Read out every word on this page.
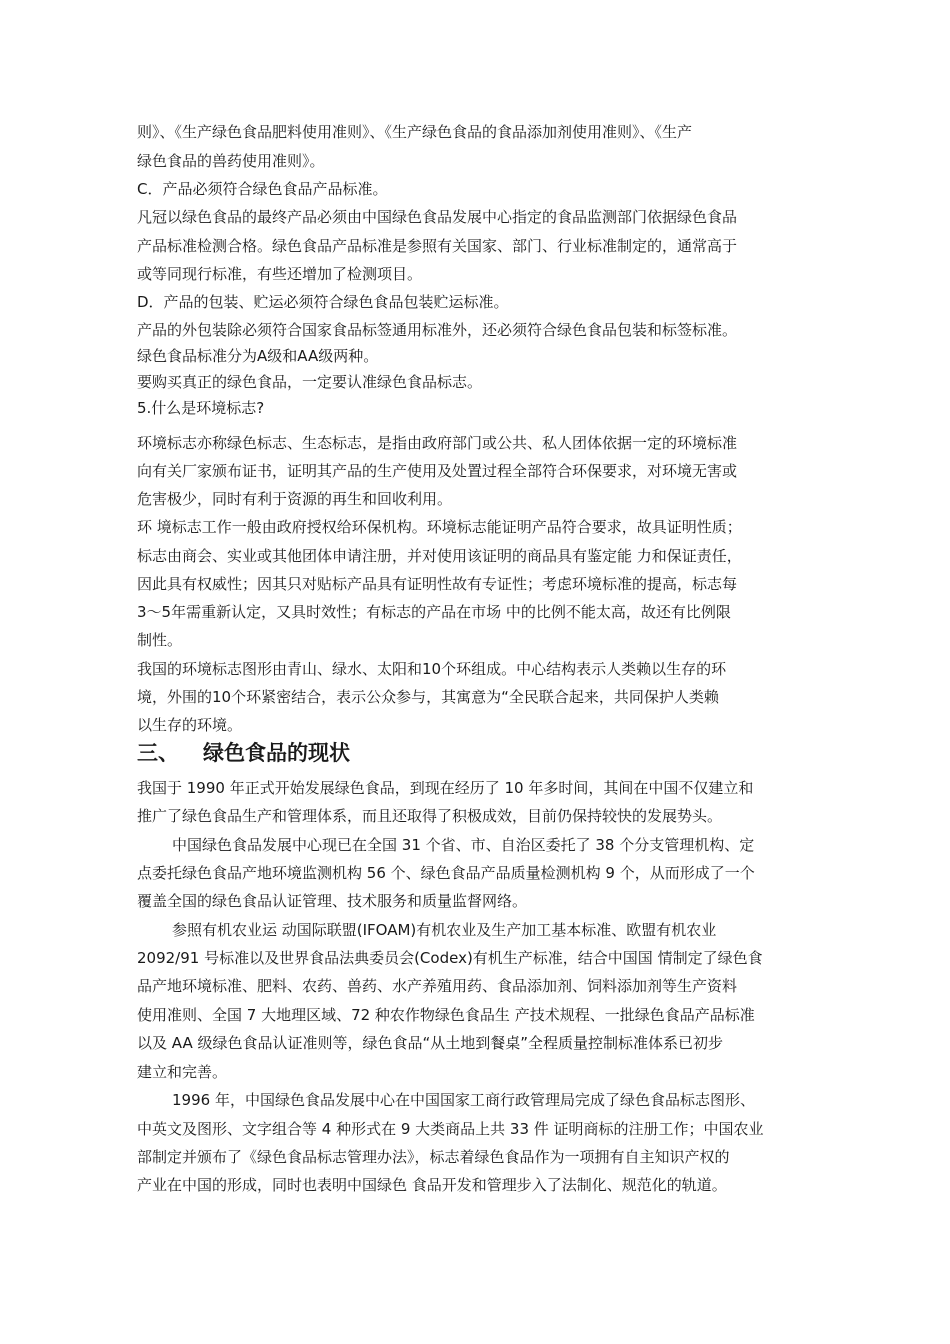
则》、《生产绿色食品肥料使用准则》、《生产绿色食品的食品添加剂使用准则》、《生产

绿色食品的兽药使用准则》。

C．产品必须符合绿色食品产品标准。

凡冠以绿色食品的最终产品必须由中国绿色食品发展中心指定的食品监测部门依据绿色食品

产品标准检测合格。绿色食品产品标准是参照有关国家、部门、行业标准制定的，通常高于

或等同现行标准，有些还增加了检测项目。

D．产品的包装、贮运必须符合绿色食品包装贮运标准。

产品的外包装除必须符合国家食品标签通用标准外，还必须符合绿色食品包装和标签标准。

绿色食品标准分为A级和AA级两种。

要购买真正的绿色食品，一定要认准绿色食品标志。

5.什么是环境标志?

环境标志亦称绿色标志、生态标志，是指由政府部门或公共、私人团体依据一定的环境标准

向有关厂家颁布证书，证明其产品的生产使用及处置过程全部符合环保要求，对环境无害或

危害极少，同时有利于资源的再生和回收利用。

环 境标志工作一般由政府授权给环保机构。环境标志能证明产品符合要求，故具证明性质；

标志由商会、实业或其他团体申请注册，并对使用该证明的商品具有鉴定能 力和保证责任，

因此具有权威性；因其只对贴标产品具有证明性故有专证性；考虑环境标准的提高，标志每

3～5年需重新认定，又具时效性；有标志的产品在市场 中的比例不能太高，故还有比例限

制性。

我国的环境标志图形由青山、绿水、太阳和10个环组成。中心结构表示人类赖以生存的环

境，外围的10个环紧密结合，表示公众参与，其寓意为“全民联合起来，共同保护人类赖

以生存的环境。

三、 绿色食品的现状

我国于 1990 年正式开始发展绿色食品，到现在经历了 10 年多时间，其间在中国不仅建立和

推广了绿色食品生产和管理体系，而且还取得了积极成效，目前仍保持较快的发展势头。

中国绿色食品发展中心现已在全国 31 个省、市、自治区委托了 38 个分支管理机构、定

点委托绿色食品产地环境监测机构 56 个、绿色食品产品质量检测机构 9 个，从而形成了一个

覆盖全国的绿色食品认证管理、技术服务和质量监督网络。

参照有机农业运 动国际联盟(IFOAM)有机农业及生产加工基本标准、欧盟有机农业

2092/91 号标准以及世界食品法典委员会(Codex)有机生产标准，结合中国国 情制定了绿色食

品产地环境标准、肥料、农药、兽药、水产养殖用药、食品添加剂、饲料添加剂等生产资料

使用准则、全国 7 大地理区域、72 种农作物绿色食品生 产技术规程、一批绿色食品产品标准

以及 AA 级绿色食品认证准则等，绿色食品“从土地到餐桌”全程质量控制标准体系已初步

建立和完善。

1996 年，中国绿色食品发展中心在中国国家工商行政管理局完成了绿色食品标志图形、

中英文及图形、文字组合等 4 种形式在 9 大类商品上共 33 件 证明商标的注册工作；中国农业

部制定并颁布了《绿色食品标志管理办法》，标志着绿色食品作为一项拥有自主知识产权的

产业在中国的形成，同时也表明中国绿色 食品开发和管理步入了法制化、规范化的轨道。
